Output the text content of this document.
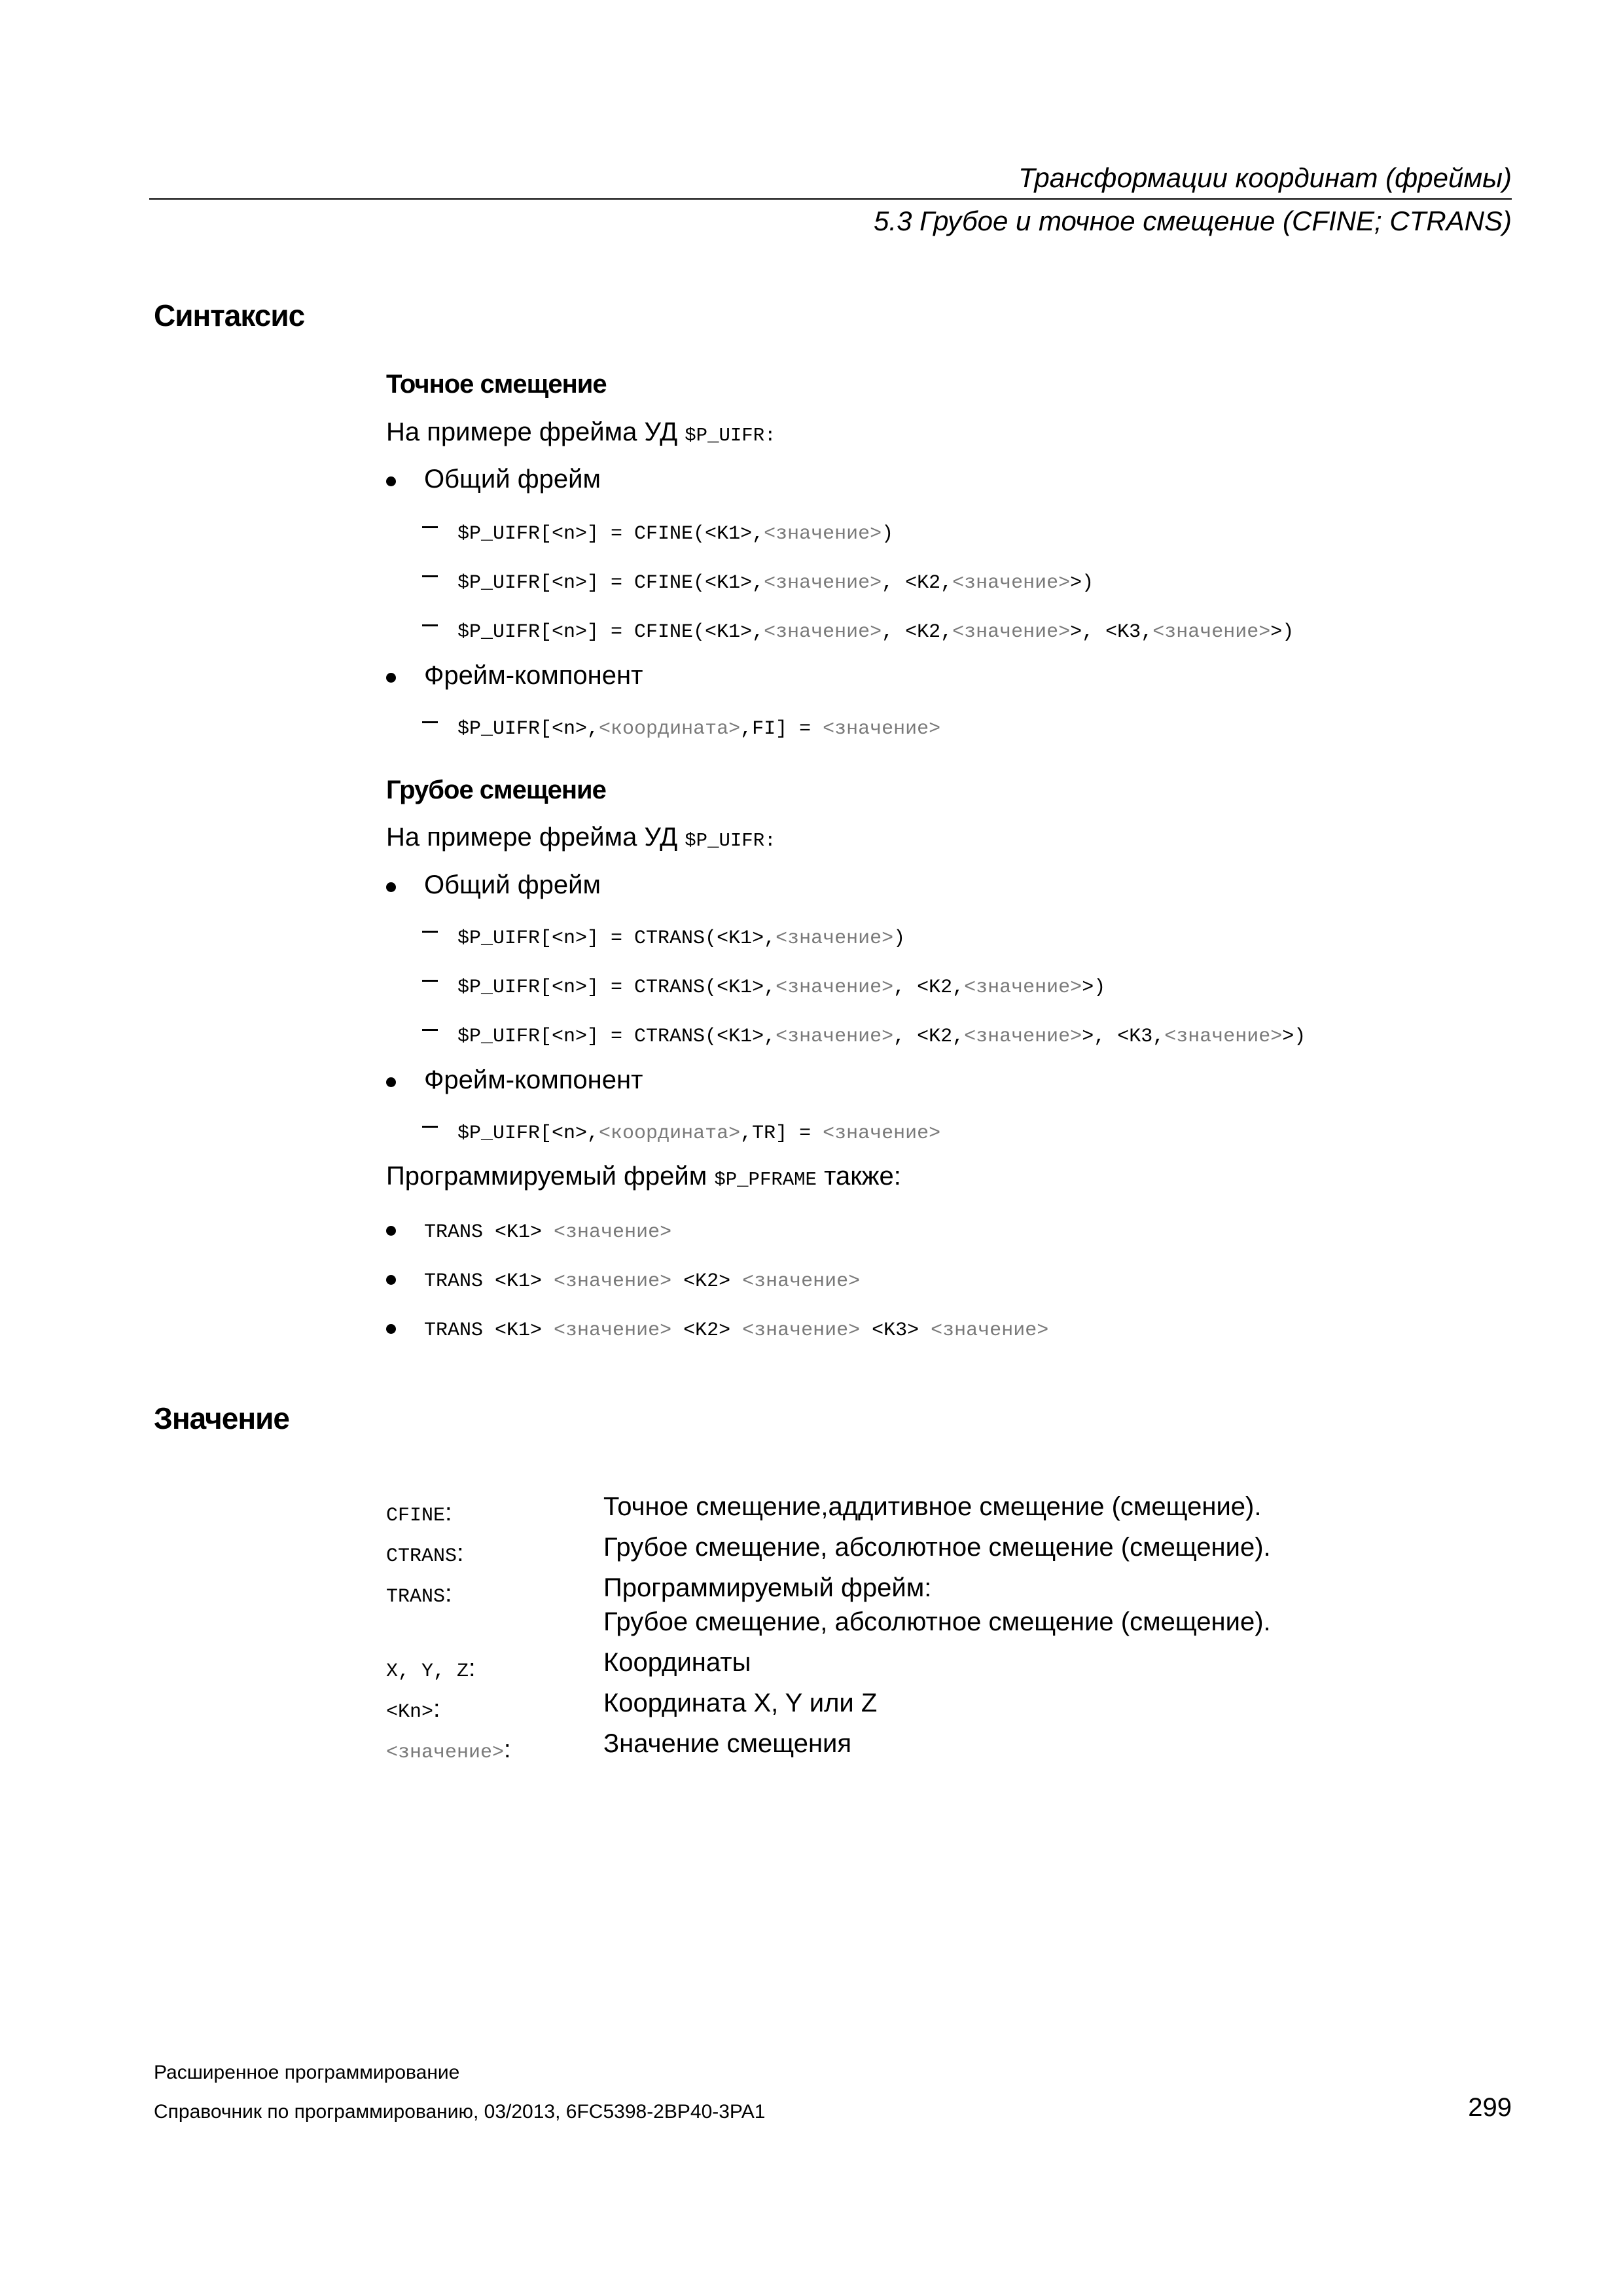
Трансформации координат (фреймы)
5.3 Грубое и точное смещение (CFINE; CTRANS)
Синтаксис
Точное смещение
На примере фрейма УД $P_UIFR:
Общий фрейм
$P_UIFR[<n>] = CFINE(<K1>,<значение>)
$P_UIFR[<n>] = CFINE(<K1>,<значение>, <K2,<значение>>)
$P_UIFR[<n>] = CFINE(<K1>,<значение>, <K2,<значение>>, <K3,<значение>>)
Фрейм-компонент
$P_UIFR[<n>,<координата>,FI] = <значение>
Грубое смещение
На примере фрейма УД $P_UIFR:
Общий фрейм
$P_UIFR[<n>] = CTRANS(<K1>,<значение>)
$P_UIFR[<n>] = CTRANS(<K1>,<значение>, <K2,<значение>>)
$P_UIFR[<n>] = CTRANS(<K1>,<значение>, <K2,<значение>>, <K3,<значение>>)
Фрейм-компонент
$P_UIFR[<n>,<координата>,TR] = <значение>
Программируемый фрейм $P_PFRAME также:
TRANS <K1> <значение>
TRANS <K1> <значение> <K2> <значение>
TRANS <K1> <значение> <K2> <значение> <K3> <значение>
Значение
CFINE:	Точное смещение,аддитивное смещение (смещение).
CTRANS:	Грубое смещение, абсолютное смещение (смещение).
TRANS:	Программируемый фрейм:
Грубое смещение, абсолютное смещение (смещение).
X, Y, Z:	Координаты
<Kn>:	Координата X, Y или Z
<значение>:	Значение смещения
Расширенное программирование
Справочник по программированию, 03/2013, 6FC5398-2BP40-3PA1	299
